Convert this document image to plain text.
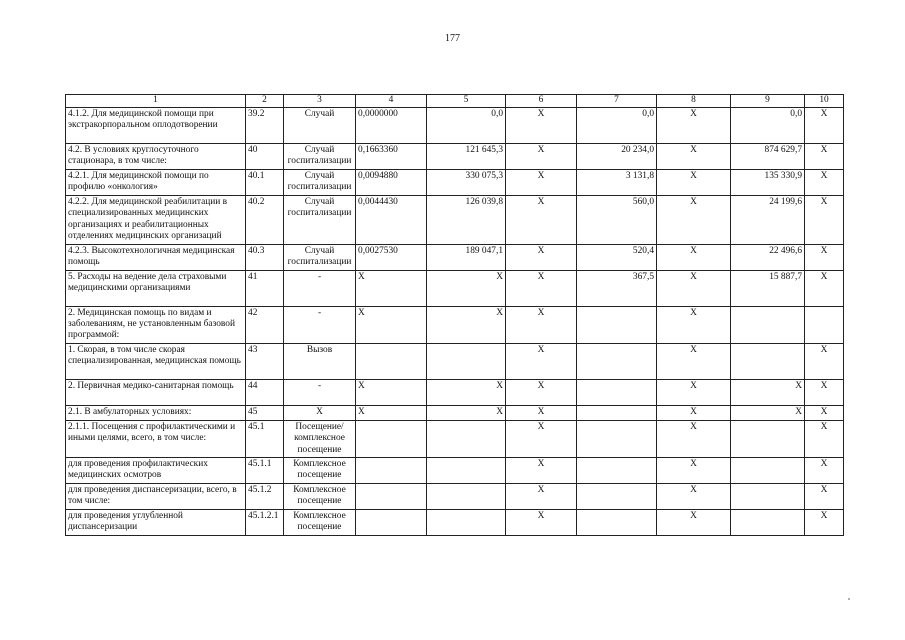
177
1	2	3	4	5	6	7	8	9	10
4.1.2. Для медицинской помощи при экстракорпоральном оплодотворении	39.2	Случай	0,0000000	0,0	X	0,0	X	0,0	X
4.2. В условиях круглосуточного стационара, в том числе:	40	Случай госпитализации	0,1663360	121 645,3	X	20 234,0	X	874 629,7	X
4.2.1. Для медицинской помощи по профилю «онкология»	40.1	Случай госпитализации	0,0094880	330 075,3	X	3 131,8	X	135 330,9	X
4.2.2. Для медицинской реабилитации в специализированных медицинских организациях и реабилитационных отделениях медицинских организаций	40.2	Случай госпитализации	0,0044430	126 039,8	X	560,0	X	24 199,6	X
4.2.3. Высокотехнологичная медицинская помощь	40.3	Случай госпитализации	0,0027530	189 047,1	X	520,4	X	22 496,6	X
5. Расходы на ведение дела страховыми медицинскими организациями	41	-	X	X	X	367,5	X	15 887,7	X
2. Медицинская помощь по видам и заболеваниям, не установленным базовой программой:	42	-	X	X	X		X		
1. Скорая, в том числе скорая специализированная, медицинская помощь	43	Вызов			X		X		X
2. Первичная медико-санитарная помощь	44	-	X	X	X		X	X	X
2.1. В амбулаторных условиях:	45	X	X	X	X		X	X	X
2.1.1. Посещения с профилактическими и иными целями, всего, в том числе:	45.1	Посещение/ комплексное посещение			X		X		X
для проведения профилактических медицинских осмотров	45.1.1	Комплексное посещение			X		X		X
для проведения диспансеризации, всего, в том числе:	45.1.2	Комплексное посещение			X		X		X
для проведения углубленной диспансеризации	45.1.2.1	Комплексное посещение			X		X		X
